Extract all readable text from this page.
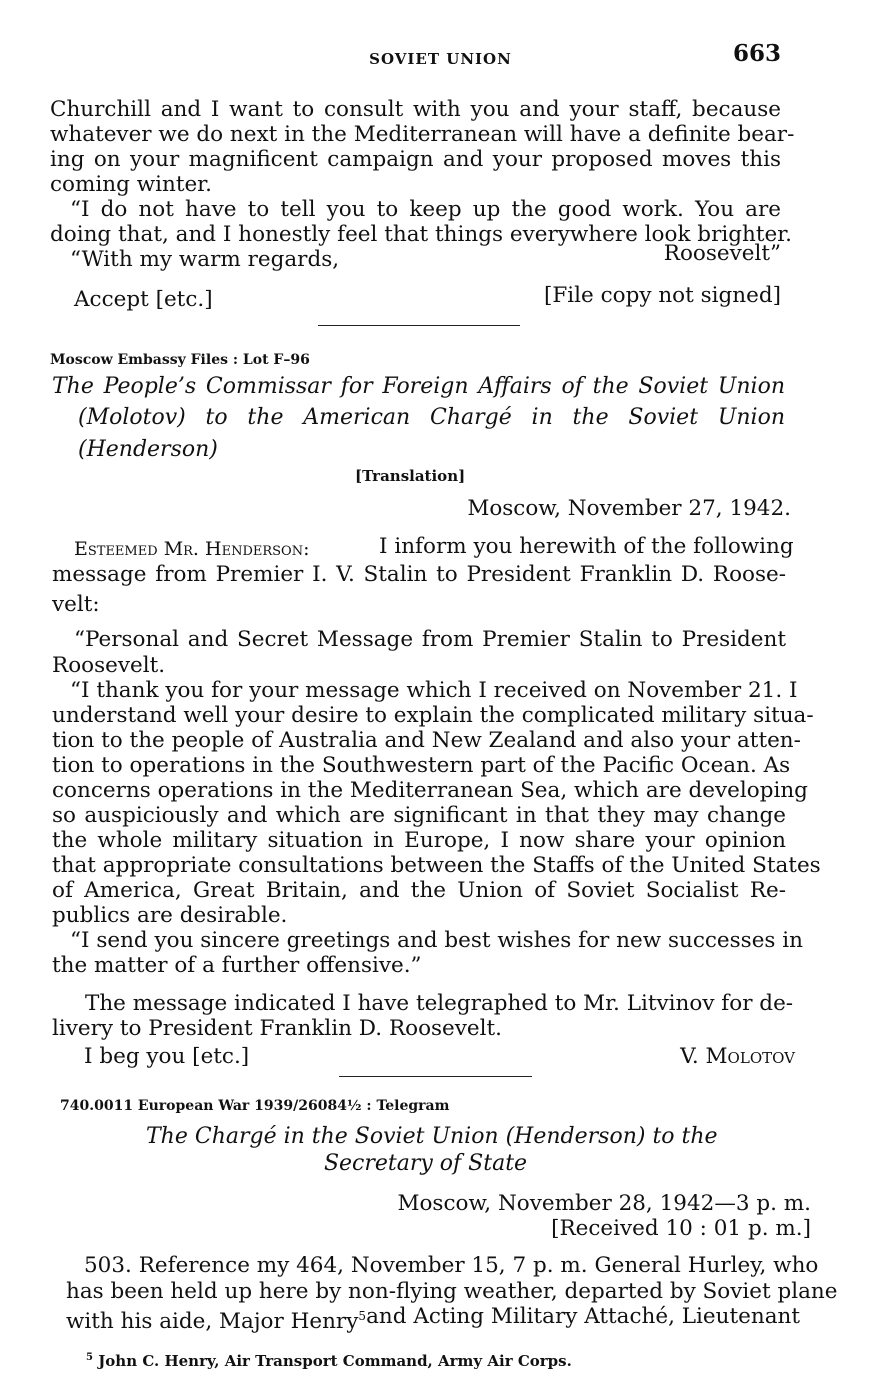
SOVIET UNION	663
Churchill and I want to consult with you and your staff, because
whatever we do next in the Mediterranean will have a definite bear-
ing on your magnificent campaign and your proposed moves this
coming winter.
“I do not have to tell you to keep up the good work. You are
doing that, and I honestly feel that things everywhere look brighter.
“With my warm regards,	Roosevelt”
Accept [etc.]	[File copy not signed]
Moscow Embassy Files : Lot F–96
The People’s Commissar for Foreign Affairs of the Soviet Union
(Molotov) to the American Chargé in the Soviet Union
(Henderson)
[Translation]
Moscow, November 27, 1942.
Esteemed Mr. Henderson:	I inform you herewith of the following
message from Premier I. V. Stalin to President Franklin D. Roose-
velt:
“Personal and Secret Message from Premier Stalin to President
Roosevelt.
“I thank you for your message which I received on November 21. I
understand well your desire to explain the complicated military situa-
tion to the people of Australia and New Zealand and also your atten-
tion to operations in the Southwestern part of the Pacific Ocean. As
concerns operations in the Mediterranean Sea, which are developing
so auspiciously and which are significant in that they may change
the whole military situation in Europe, I now share your opinion
that appropriate consultations between the Staffs of the United States
of America, Great Britain, and the Union of Soviet Socialist Re-
publics are desirable.
“I send you sincere greetings and best wishes for new successes in
the matter of a further offensive.”
The message indicated I have telegraphed to Mr. Litvinov for de-
livery to President Franklin D. Roosevelt.
I beg you [etc.]	V. Molotov
740.0011 European War 1939/26084½ : Telegram
The Chargé in the Soviet Union (Henderson) to the
Secretary of State
Moscow, November 28, 1942—3 p. m.
[Received 10 : 01 p. m.]
503. Reference my 464, November 15, 7 p. m. General Hurley, who
has been held up here by non-flying weather, departed by Soviet plane
with his aide, Major Henry$^5$ and Acting Military Attaché, Lieutenant
$^5$ John C. Henry, Air Transport Command, Army Air Corps.
